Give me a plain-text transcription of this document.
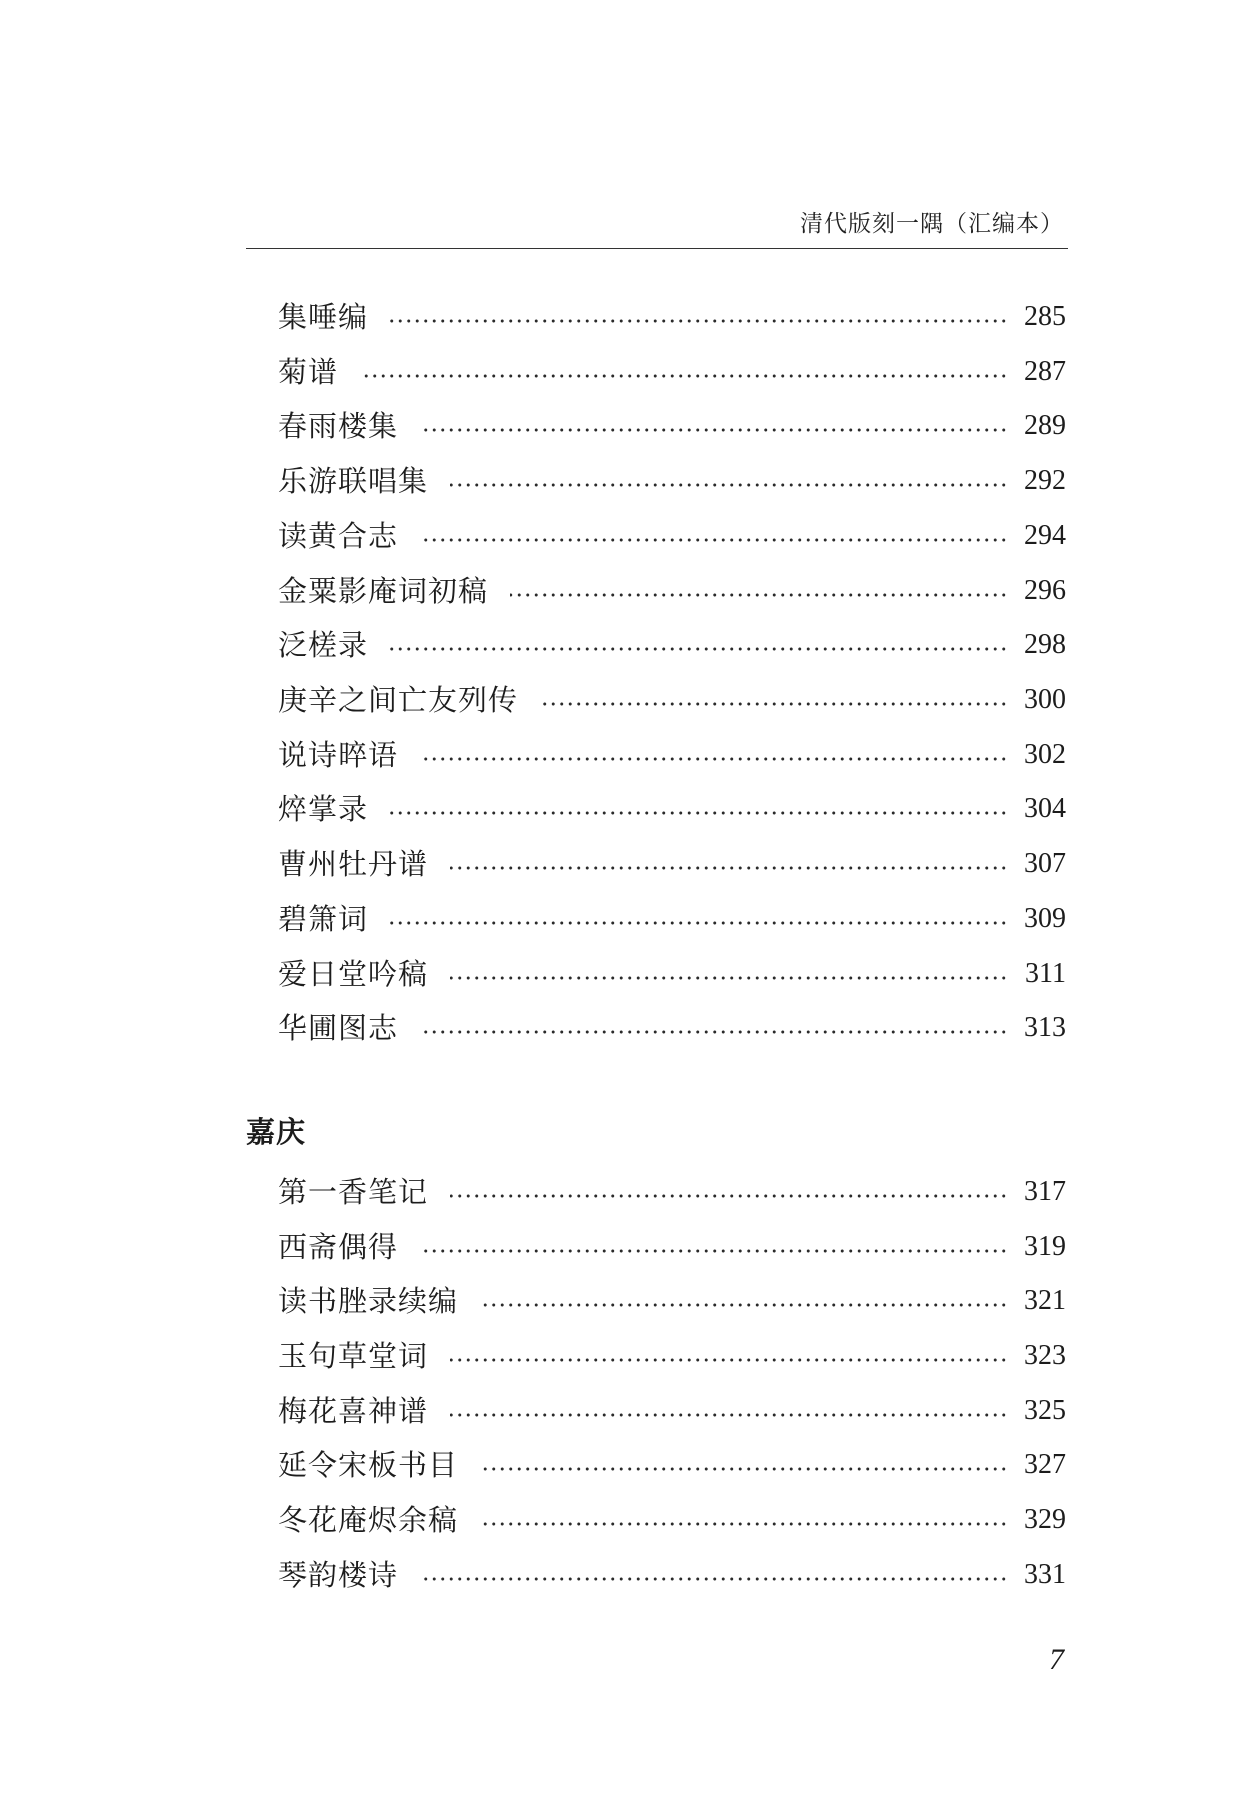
清代版刻一隅（汇编本）
集唾编	285
菊谱	287
春雨楼集	289
乐游联唱集	292
读黄合志	294
金粟影庵词初稿	296
泛槎录	298
庚辛之间亡友列传	300
说诗晬语	302
焠掌录	304
曹州牡丹谱	307
碧箫词	309
爱日堂吟稿	311
华圃图志	313
嘉庆
第一香笔记	317
西斋偶得	319
读书脞录续编	321
玉句草堂词	323
梅花喜神谱	325
延令宋板书目	327
冬花庵烬余稿	329
琴韵楼诗	331
7
